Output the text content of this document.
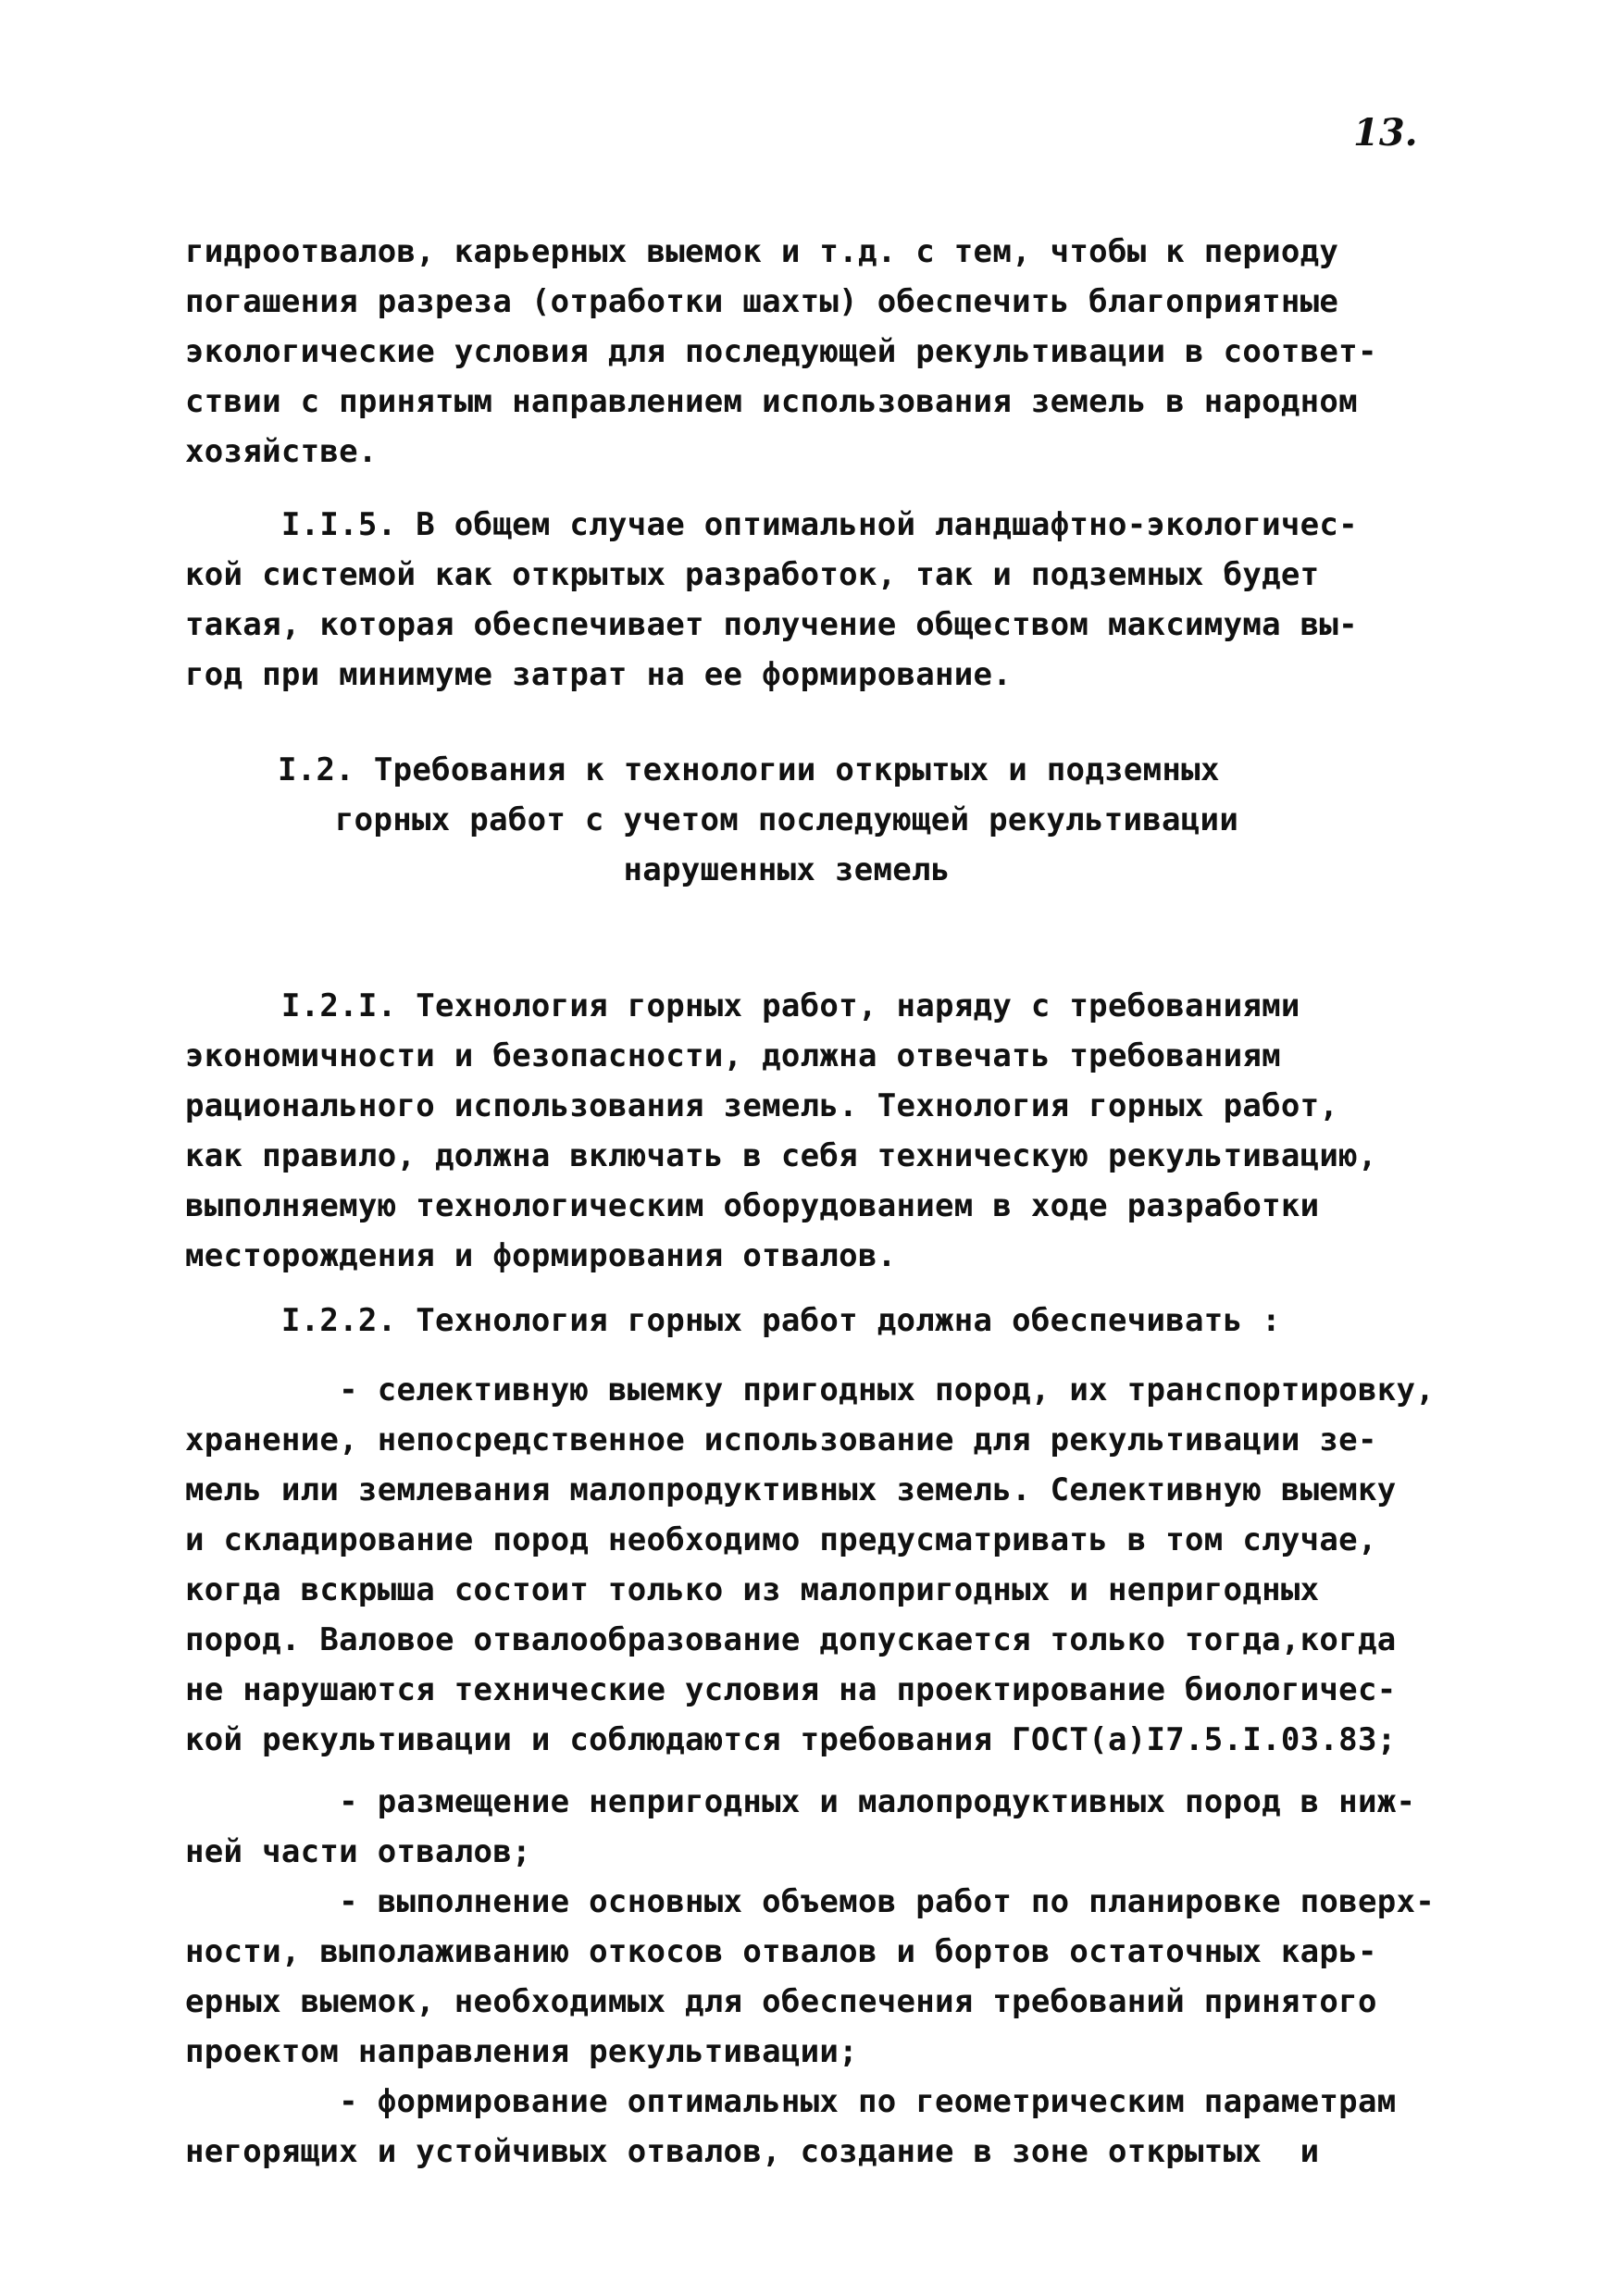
13.
гидроотвалов, карьерных выемок и т.д. с тем, чтобы к периоду
погашения разреза (отработки шахты) обеспечить благоприятные
экологические условия для последующей рекультивации в соответ-
ствии с принятым направлением использования земель в народном
хозяйстве.
I.I.5. В общем случае оптимальной ландшафтно-экологичес-
кой системой как открытых разработок, так и подземных будет
такая, которая обеспечивает получение обществом максимума вы-
год при минимуме затрат на ее формирование.
I.2. Требования к технологии открытых и подземных
горных работ с учетом последующей рекультивации
нарушенных земель
I.2.I. Технология горных работ, наряду с требованиями
экономичности и безопасности, должна отвечать требованиям
рационального использования земель. Технология горных работ,
как правило, должна включать в себя техническую рекультивацию,
выполняемую технологическим оборудованием в ходе разработки
месторождения и формирования отвалов.
I.2.2. Технология горных работ должна обеспечивать :
- селективную выемку пригодных пород, их транспортировку,
хранение, непосредственное использование для рекультивации зе-
мель или землевания малопродуктивных земель. Селективную выемку
и складирование пород необходимо предусматривать в том случае,
когда вскрыша состоит только из малопригодных и непригодных
пород. Валовое отвалообразование допускается только тогда,когда
не нарушаются технические условия на проектирование биологичес-
кой рекультивации и соблюдаются требования ГОСТ(а)I7.5.I.03.83;
- размещение непригодных и малопродуктивных пород в ниж-
ней части отвалов;
- выполнение основных объемов работ по планировке поверх-
ности, выполаживанию откосов отвалов и бортов остаточных карь-
ерных выемок, необходимых для обеспечения требований принятого
проектом направления рекультивации;
- формирование оптимальных по геометрическим параметрам
негорящих и устойчивых отвалов, создание в зоне открытых  и
